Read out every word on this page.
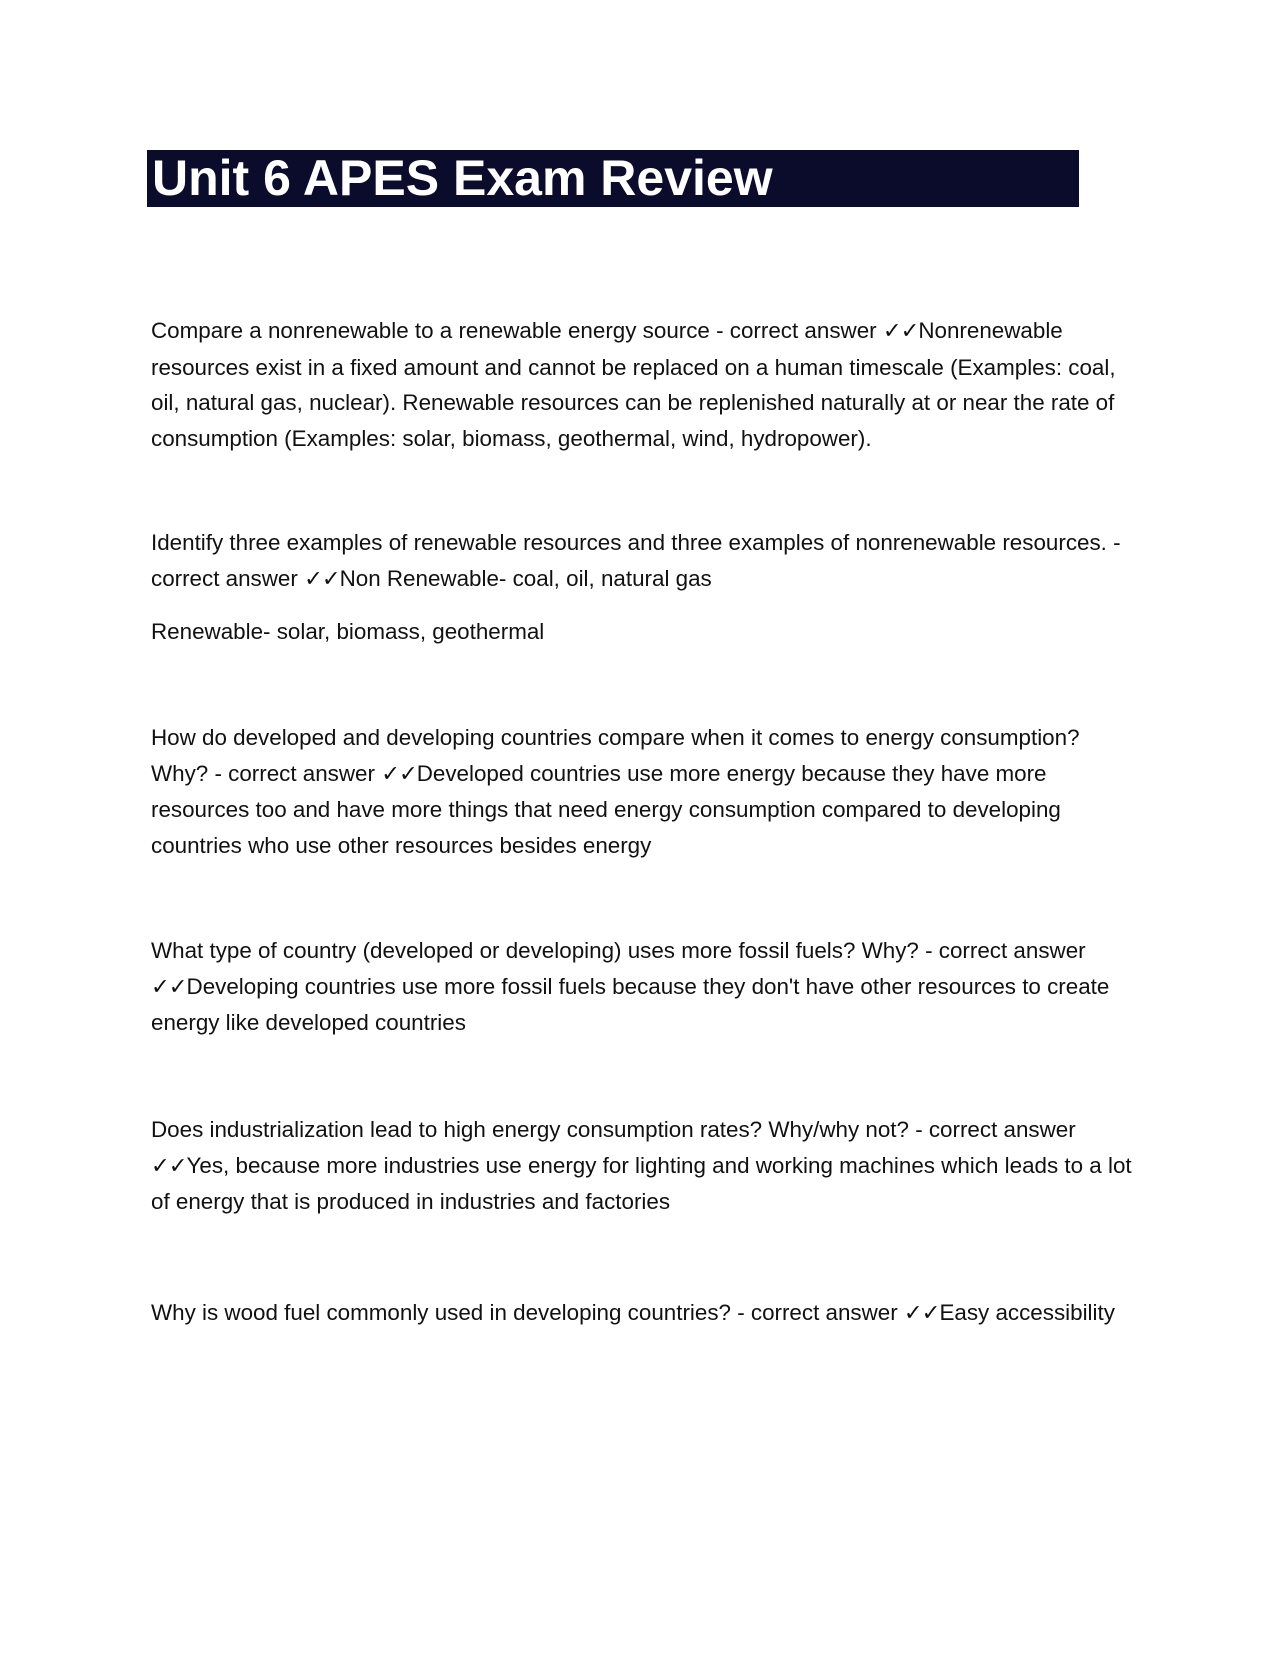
Unit 6 APES Exam Review

Compare a nonrenewable to a renewable energy source - correct answer ✓✓Nonrenewable resources exist in a fixed amount and cannot be replaced on a human timescale (Examples: coal, oil, natural gas, nuclear). Renewable resources can be replenished naturally at or near the rate of consumption (Examples: solar, biomass, geothermal, wind, hydropower).

Identify three examples of renewable resources and three examples of nonrenewable resources. - correct answer ✓✓Non Renewable- coal, oil, natural gas

Renewable- solar, biomass, geothermal

How do developed and developing countries compare when it comes to energy consumption? Why? - correct answer ✓✓Developed countries use more energy because they have more resources too and have more things that need energy consumption compared to developing countries who use other resources besides energy

What type of country (developed or developing) uses more fossil fuels? Why? - correct answer ✓✓Developing countries use more fossil fuels because they don't have other resources to create energy like developed countries

Does industrialization lead to high energy consumption rates? Why/why not? - correct answer ✓✓Yes, because more industries use energy for lighting and working machines which leads to a lot of energy that is produced in industries and factories

Why is wood fuel commonly used in developing countries? - correct answer ✓✓Easy accessibility
